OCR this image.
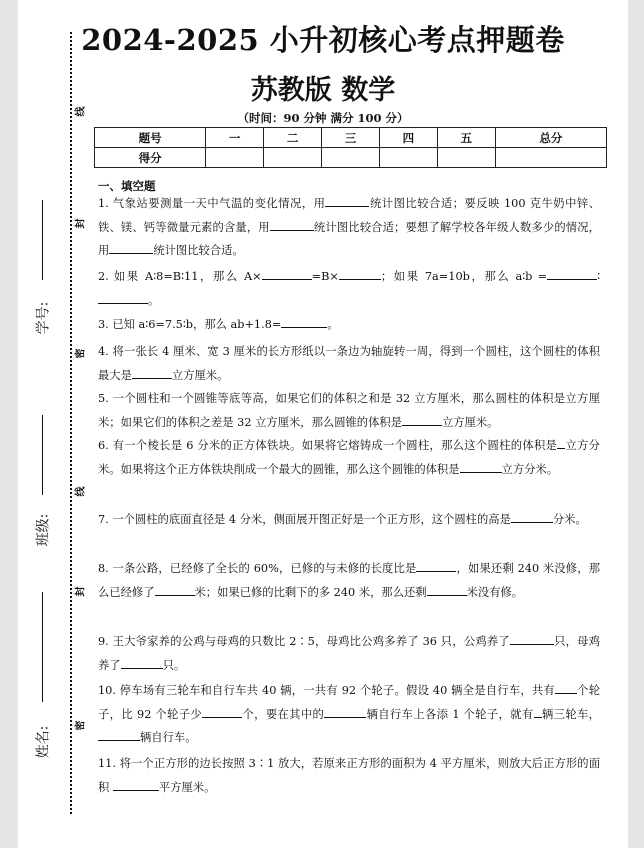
线
封
密
线
封
密
学号:
班级:
姓名:
2024-2025 小升初核心考点押题卷
苏教版 数学
（时间：90 分钟 满分 100 分）
题号	一	二	三	四	五	总分
得分						
一、填空题
1. 气象站要测量一天中气温的变化情况，用	统计图比较合适；要反映 100 克牛奶中锌、铁、镁、钙等微量元素的含量，用	统计图比较合适；要想了解学校各年级人数多少的情况，用	统计图比较合适。
2. 如果 A∶8=B∶11，那么 A×	=B×	；如果 7a=10b，那么 a∶b =	∶。
3. 已知 a∶6=7.5∶b，那么 ab+1.8=	。
4. 将一张长 4 厘米、宽 3 厘米的长方形纸以一条边为轴旋转一周，得到一个圆柱，这个圆柱的体积最大是	立方厘米。
5. 一个圆柱和一个圆锥等底等高，如果它们的体积之和是 32 立方厘米，那么圆柱的体积是立方厘米；如果它们的体积之差是 32 立方厘米，那么圆锥的体积是	立方厘米。
6. 有一个棱长是 6 分米的正方体铁块。如果将它熔铸成一个圆柱，那么这个圆柱的体积是 立方分米。如果将这个正方体铁块削成一个最大的圆锥，那么这个圆锥的体积是	立方分米。
7. 一个圆柱的底面直径是 4 分米，侧面展开图正好是一个正方形，这个圆柱的高是	分米。
8. 一条公路，已经修了全长的 60%，已修的与未修的长度比是	，如果还剩 240 米没修，那么已经修了	米；如果已修的比剩下的多 240 米，那么还剩	米没有修。
9. 王大爷家养的公鸡与母鸡的只数比 2∶5，母鸡比公鸡多养了 36 只，公鸡养了	只，母鸡养了	只。
10. 停车场有三轮车和自行车共 40 辆，一共有 92 个轮子。假设 40 辆全是自行车，共有 个轮子，比 92 个轮子少	个，要在其中的	辆自行车上各添 1 个轮子，就有 辆三轮车，辆自行车。
11. 将一个正方形的边长按照 3∶1 放大，若原来正方形的面积为 4 平方厘米，则放大后正方形的面积	平方厘米。
